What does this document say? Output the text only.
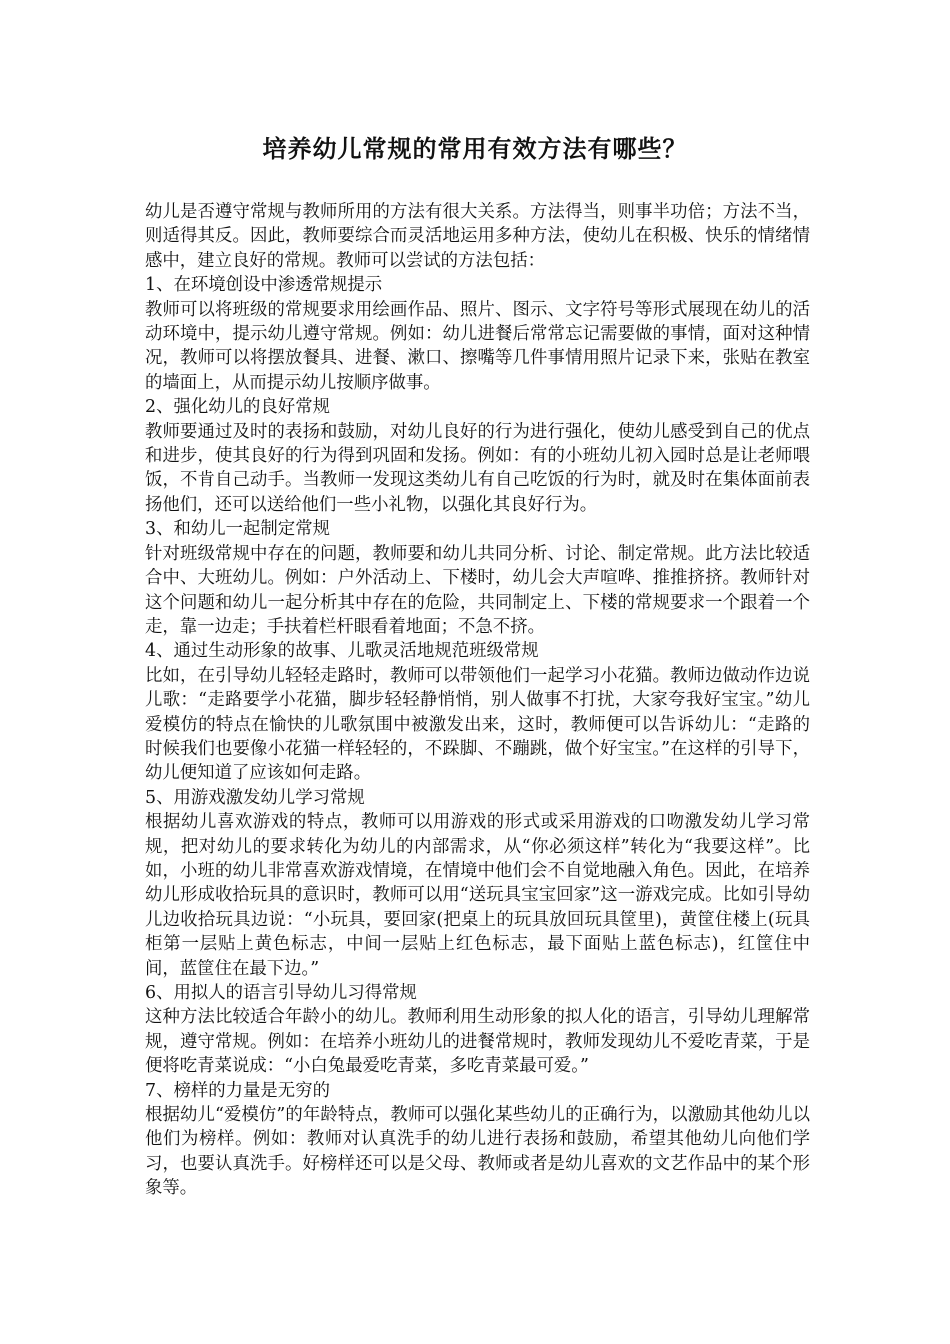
培养幼儿常规的常用有效方法有哪些？

幼儿是否遵守常规与教师所用的方法有很大关系。方法得当，则事半功倍；方法不当，则适得其反。因此，教师要综合而灵活地运用多种方法，使幼儿在积极、快乐的情绪情感中，建立良好的常规。教师可以尝试的方法包括：

1、在环境创设中渗透常规提示

教师可以将班级的常规要求用绘画作品、照片、图示、文字符号等形式展现在幼儿的活动环境中，提示幼儿遵守常规。例如：幼儿进餐后常常忘记需要做的事情，面对这种情况，教师可以将摆放餐具、进餐、漱口、擦嘴等几件事情用照片记录下来，张贴在教室的墙面上，从而提示幼儿按顺序做事。

2、强化幼儿的良好常规

教师要通过及时的表扬和鼓励，对幼儿良好的行为进行强化，使幼儿感受到自己的优点和进步，使其良好的行为得到巩固和发扬。例如：有的小班幼儿初入园时总是让老师喂饭，不肯自己动手。当教师一发现这类幼儿有自己吃饭的行为时，就及时在集体面前表扬他们，还可以送给他们一些小礼物，以强化其良好行为。

3、和幼儿一起制定常规

针对班级常规中存在的问题，教师要和幼儿共同分析、讨论、制定常规。此方法比较适合中、大班幼儿。例如：户外活动上、下楼时，幼儿会大声喧哗、推推挤挤。教师针对这个问题和幼儿一起分析其中存在的危险，共同制定上、下楼的常规要求一个跟着一个走，靠一边走；手扶着栏杆眼看着地面；不急不挤。

4、通过生动形象的故事、儿歌灵活地规范班级常规

比如，在引导幼儿轻轻走路时，教师可以带领他们一起学习小花猫。教师边做动作边说儿歌：“走路要学小花猫，脚步轻轻静悄悄，别人做事不打扰，大家夸我好宝宝。”幼儿爱模仿的特点在愉快的儿歌氛围中被激发出来，这时，教师便可以告诉幼儿：“走路的时候我们也要像小花猫一样轻轻的，不跺脚、不蹦跳，做个好宝宝。”在这样的引导下，幼儿便知道了应该如何走路。

5、用游戏激发幼儿学习常规

根据幼儿喜欢游戏的特点，教师可以用游戏的形式或采用游戏的口吻激发幼儿学习常规，把对幼儿的要求转化为幼儿的内部需求，从“你必须这样”转化为“我要这样”。比如，小班的幼儿非常喜欢游戏情境，在情境中他们会不自觉地融入角色。因此，在培养幼儿形成收拾玩具的意识时，教师可以用“送玩具宝宝回家”这一游戏完成。比如引导幼儿边收拾玩具边说：“小玩具，要回家(把桌上的玩具放回玩具筐里)，黄筐住楼上(玩具柜第一层贴上黄色标志，中间一层贴上红色标志，最下面贴上蓝色标志)，红筐住中间，蓝筐住在最下边。”

6、用拟人的语言引导幼儿习得常规

这种方法比较适合年龄小的幼儿。教师利用生动形象的拟人化的语言，引导幼儿理解常规，遵守常规。例如：在培养小班幼儿的进餐常规时，教师发现幼儿不爱吃青菜，于是便将吃青菜说成：“小白兔最爱吃青菜，多吃青菜最可爱。”

7、榜样的力量是无穷的

根据幼儿“爱模仿”的年龄特点，教师可以强化某些幼儿的正确行为，以激励其他幼儿以他们为榜样。例如：教师对认真洗手的幼儿进行表扬和鼓励，希望其他幼儿向他们学习，也要认真洗手。好榜样还可以是父母、教师或者是幼儿喜欢的文艺作品中的某个形象等。
